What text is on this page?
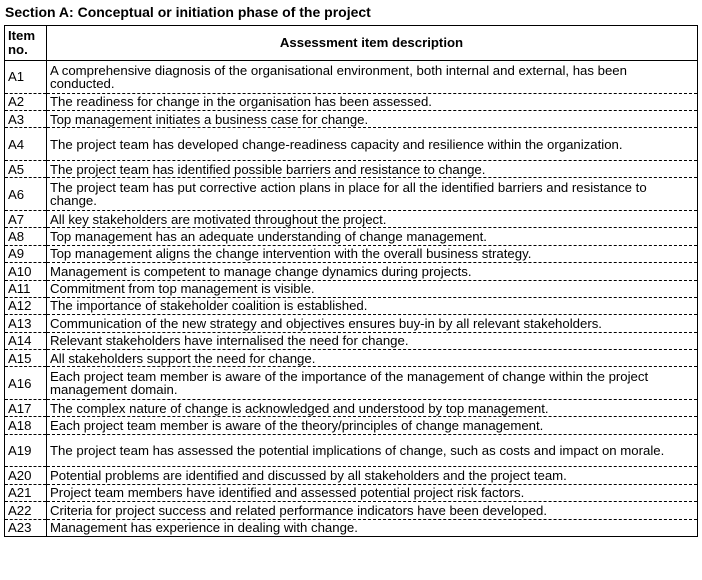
Section A: Conceptual or initiation phase of the project
Item no.	Assessment item description
A1	A comprehensive diagnosis of the organisational environment, both internal and external, has been conducted.
A2	The readiness for change in the organisation has been assessed.
A3	Top management initiates a business case for change.
A4	The project team has developed change-readiness capacity and resilience within the organization.
A5	The project team has identified possible barriers and resistance to change.
A6	The project team has put corrective action plans in place for all the identified barriers and resistance to change.
A7	All key stakeholders are motivated throughout the project.
A8	Top management has an adequate understanding of change management.
A9	Top management aligns the change intervention with the overall business strategy.
A10	Management is competent to manage change dynamics during projects.
A11	Commitment from top management is visible.
A12	The importance of stakeholder coalition is established.
A13	Communication of the new strategy and objectives ensures buy-in by all relevant stakeholders.
A14	Relevant stakeholders have internalised the need for change.
A15	All stakeholders support the need for change.
A16	Each project team member is aware of the importance of the management of change within the project management domain.
A17	The complex nature of change is acknowledged and understood by top management.
A18	Each project team member is aware of the theory/principles of change management.
A19	The project team has assessed the potential implications of change, such as costs and impact on morale.
A20	Potential problems are identified and discussed by all stakeholders and the project team.
A21	Project team members have identified and assessed potential project risk factors.
A22	Criteria for project success and related performance indicators have been developed.
A23	Management has experience in dealing with change.
